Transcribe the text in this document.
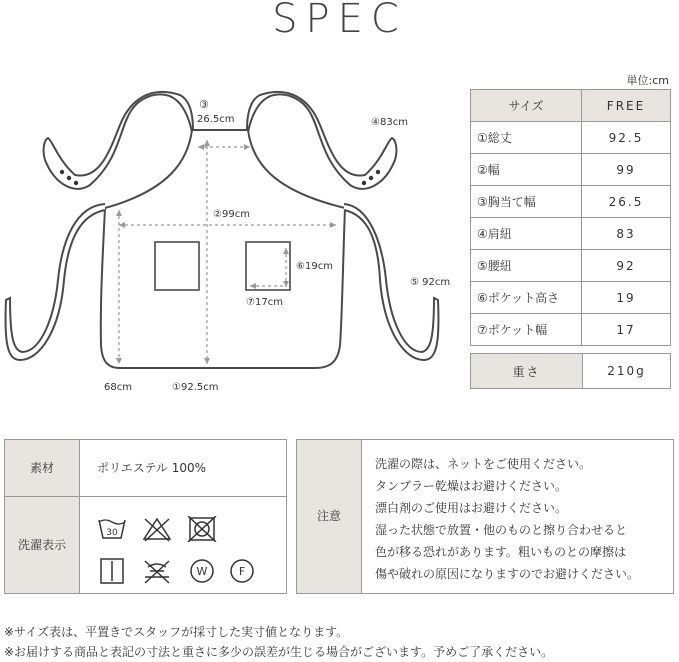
SPEC
③
26.5cm	④83cm
②99cm
⑥19cm
⑦17cm
⑤ 92cm
68cm	①92.5cm
単位:cm
サイズ	FREE
①総丈	92.5
②幅	99
③胸当て幅	26.5
④肩紐	83
⑤腰紐	92
⑥ポケット高さ	19
⑦ポケット幅	17
重さ	210g
素材	ポリエステル 100%
洗濯表示
30
W	F
注意
洗濯の際は、ネットをご使用ください。
タンブラー乾燥はお避けください。
漂白剤のご使用はお避けください。
湿った状態で放置・他のものと擦り合わせると
色が移る恐れがあります。粗いものとの摩擦は
傷や破れの原因になりますのでお避けください。
※サイズ表は、平置きでスタッフが採寸した実寸値となります。
※お届けする商品と表記の寸法と重さに多少の誤差が生じる場合がございます。予めご了承ください。
